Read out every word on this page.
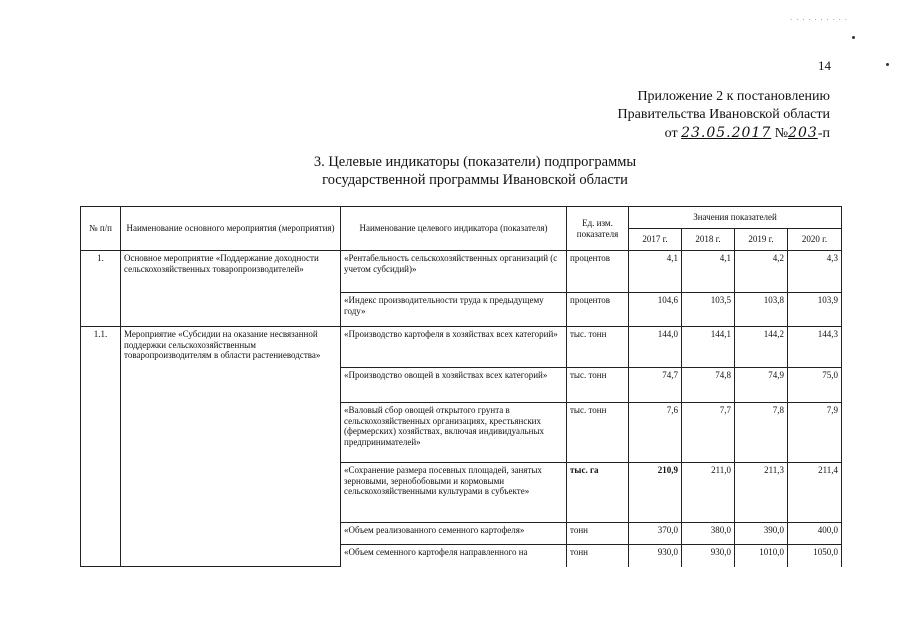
· · · · · · · · · ·
14
Приложение 2 к постановлению
Правительства Ивановской области
от 23.05.2017 №203-п
3. Целевые индикаторы (показатели) подпрограммы
государственной программы Ивановской области
№ п/п	Наименование основного мероприятия (мероприятия)	Наименование целевого индикатора (показателя)	Ед. изм. показателя	Значения показателей			
				2017 г.	2018 г.	2019 г.	2020 г.
1.	Основное мероприятие «Поддержание доходности сельскохозяйственных товаропроизводителей»	«Рентабельность сельскохозяйственных организаций (с учетом субсидий)»	процентов	4,1	4,1	4,2	4,3
		«Индекс производительности труда к предыдущему году»	процентов	104,6	103,5	103,8	103,9
1.1.	Мероприятие «Субсидии на оказание несвязанной поддержки сельскохозяйственным товаропроизводителям в области растениеводства»	«Производство картофеля в хозяйствах всех категорий»	тыс. тонн	144,0	144,1	144,2	144,3
		«Производство овощей в хозяйствах всех категорий»	тыс. тонн	74,7	74,8	74,9	75,0
		«Валовый сбор овощей открытого грунта в сельскохозяйственных организациях, крестьянских (фермерских) хозяйствах, включая индивидуальных предпринимателей»	тыс. тонн	7,6	7,7	7,8	7,9
		«Сохранение размера посевных площадей, занятых зерновыми, зернобобовыми и кормовыми сельскохозяйственными культурами в субъекте»	тыс. га	210,9	211,0	211,3	211,4
		«Объем реализованного семенного картофеля»	тонн	370,0	380,0	390,0	400,0
		«Объем семенного картофеля направленного на	тонн	930,0	930,0	1010,0	1050,0
